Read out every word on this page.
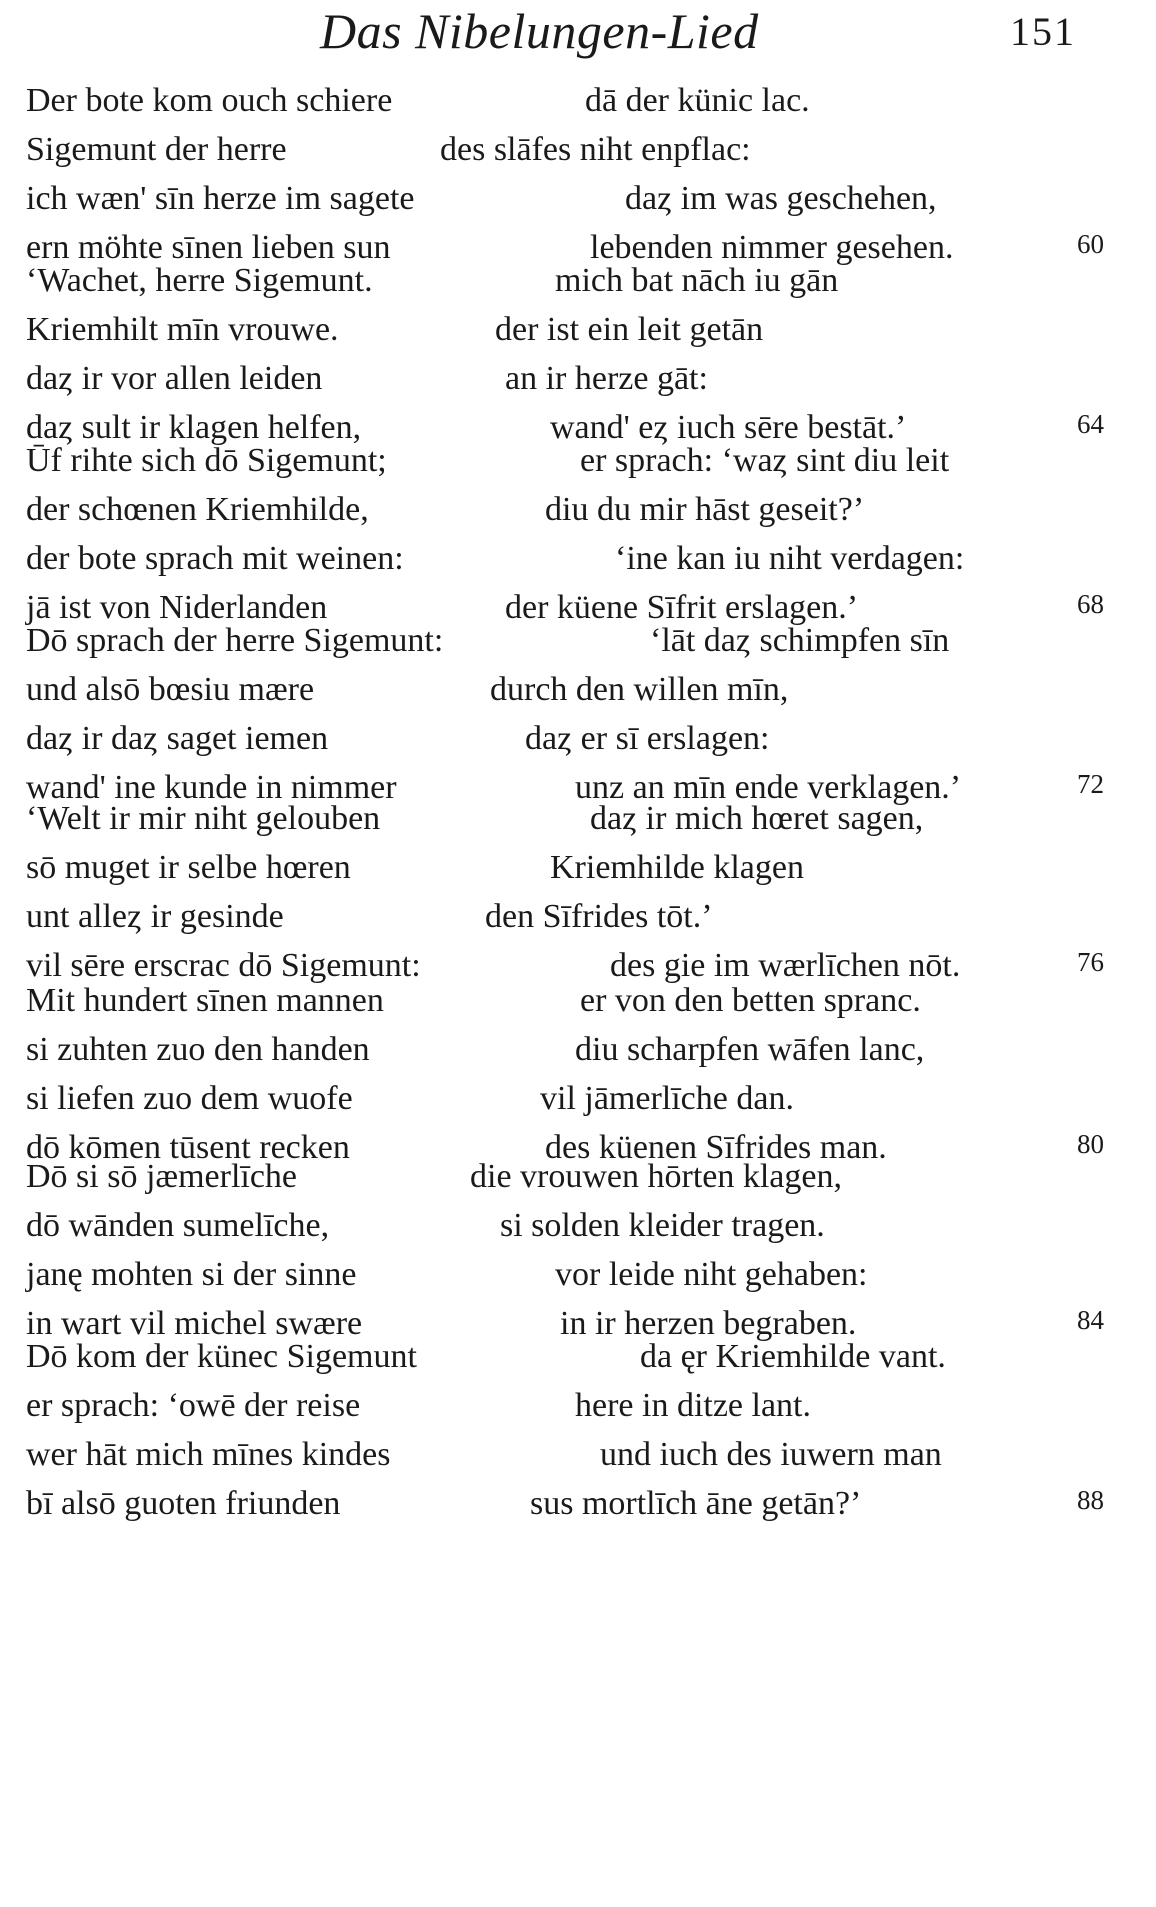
Das Nibelungen-Lied	151
Der bote kom ouch schiere	dā der künic lac.
Sigemunt der herre	des slāfes niht enpflac:
ich wæn' sīn herze im sagete	daȥ im was geschehen,
ern möhte sīnen lieben sun	lebenden nimmer gesehen.	60
‘Wachet, herre Sigemunt.	mich bat nāch iu gān
Kriemhilt mīn vrouwe.	der ist ein leit getān
daȥ ir vor allen leiden	an ir herze gāt:
daȥ sult ir klagen helfen,	wand' eȥ iuch sēre bestāt.’	64
Ūf rihte sich dō Sigemunt;	er sprach: ‘waȥ sint diu leit
der schœnen Kriemhilde,	diu du mir hāst geseit?’
der bote sprach mit weinen:	‘ine kan iu niht verdagen:
jā ist von Niderlanden	der küene Sīfrit erslagen.’	68
Dō sprach der herre Sigemunt:	‘lāt daȥ schimpfen sīn
und alsō bœsiu mære	durch den willen mīn,
daȥ ir daȥ saget iemen	daȥ er sī erslagen:
wand' ine kunde in nimmer	unz an mīn ende verklagen.’	72
‘Welt ir mir niht gelouben	daȥ ir mich hœret sagen,
sō muget ir selbe hœren	Kriemhilde klagen
unt alleȥ ir gesinde	den Sīfrides tōt.’
vil sēre erscrac dō Sigemunt:	des gie im wærlīchen nōt.	76
Mit hundert sīnen mannen	er von den betten spranc.
si zuhten zuo den handen	diu scharpfen wāfen lanc,
si liefen zuo dem wuofe	vil jāmerlīche dan.
dō kōmen tūsent recken	des küenen Sīfrides man.	80
Dō si sō jæmerlīche	die vrouwen hōrten klagen,
dō wānden sumelīche,	si solden kleider tragen.
janę mohten si der sinne	vor leide niht gehaben:
in wart vil michel swære	in ir herzen begraben.	84
Dō kom der künec Sigemunt	da ęr Kriemhilde vant.
er sprach: ‘owē der reise	here in ditze lant.
wer hāt mich mīnes kindes	und iuch des iuwern man
bī alsō guoten friunden	sus mortlīch āne getān?’	88
